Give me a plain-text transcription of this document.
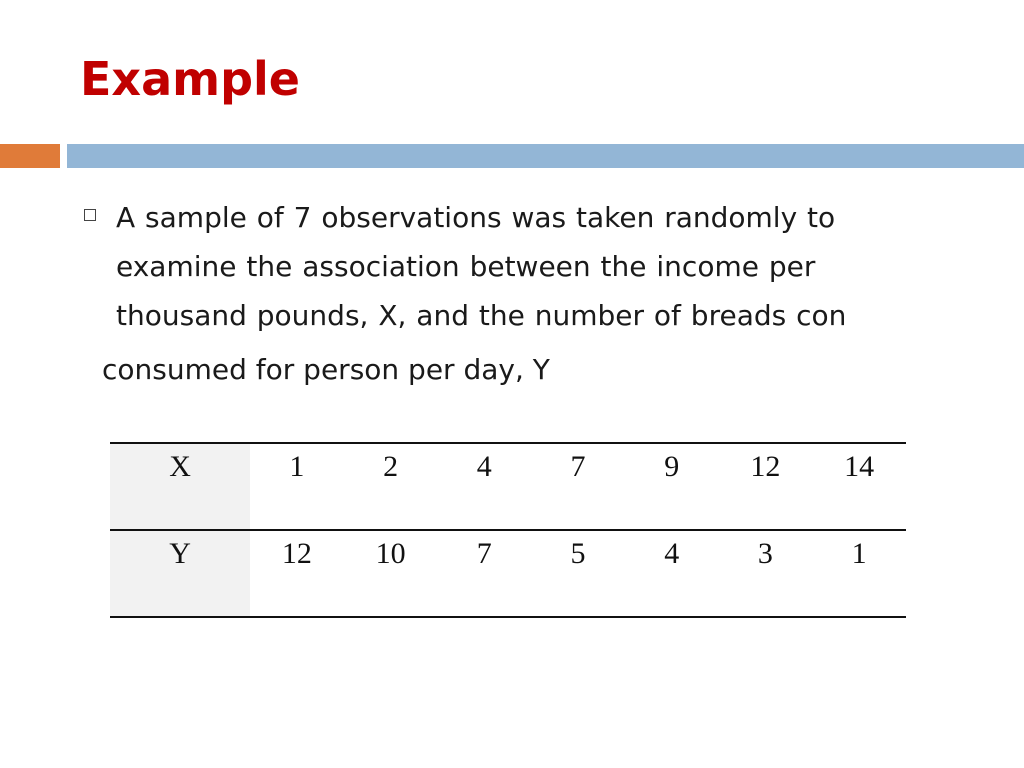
Example

A sample of 7 observations was taken randomly to
examine the association between the income per
thousand pounds, X, and the number of breads con

consumed for person per day, Y

X	1	2	4	7	9	12	14
Y	12	10	7	5	4	3	1
